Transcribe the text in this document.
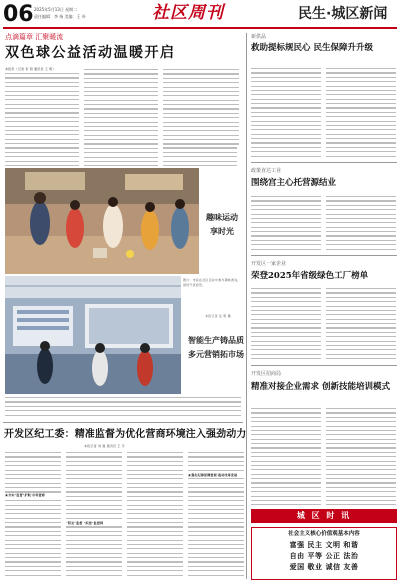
06 2025年5月13日 星期二
责任编辑：李 扬 美编：王 朴	社区周刊	民生·城区新闻
点滴篇章 汇聚暖流
双色球公益活动温暖开启
本报讯（记者 李 阳 通讯员 王 明）
趣味运动
享时光
图片：市民在社区活动中参与趣味游戏，现场气氛热烈。
本报记者 张 明 摄
智能生产铸品质
多元营销拓市场
开发区纪工委：精准监督为优化营商环境注入强劲动力
本报记者 刘 强 通讯员 王 芳
★夯实"监督"护航·市场营商
“阳光"监督 "织密"监督网
★强化纪律保障营商·推动改革发展
新供品
救助提标规民心 民生保障升升级
政策直达工业
围绕宫主心托营源结业
开发区一家企业
荣登2025年省级绿色工厂榜单
开发区招商局
精准对接企业需求 创新技能培训模式
城 区 时 讯
社会主义核心价值观基本内容
富强 民主 文明 和谐
自由 平等 公正 法治
爱国 敬业 诚信 友善
